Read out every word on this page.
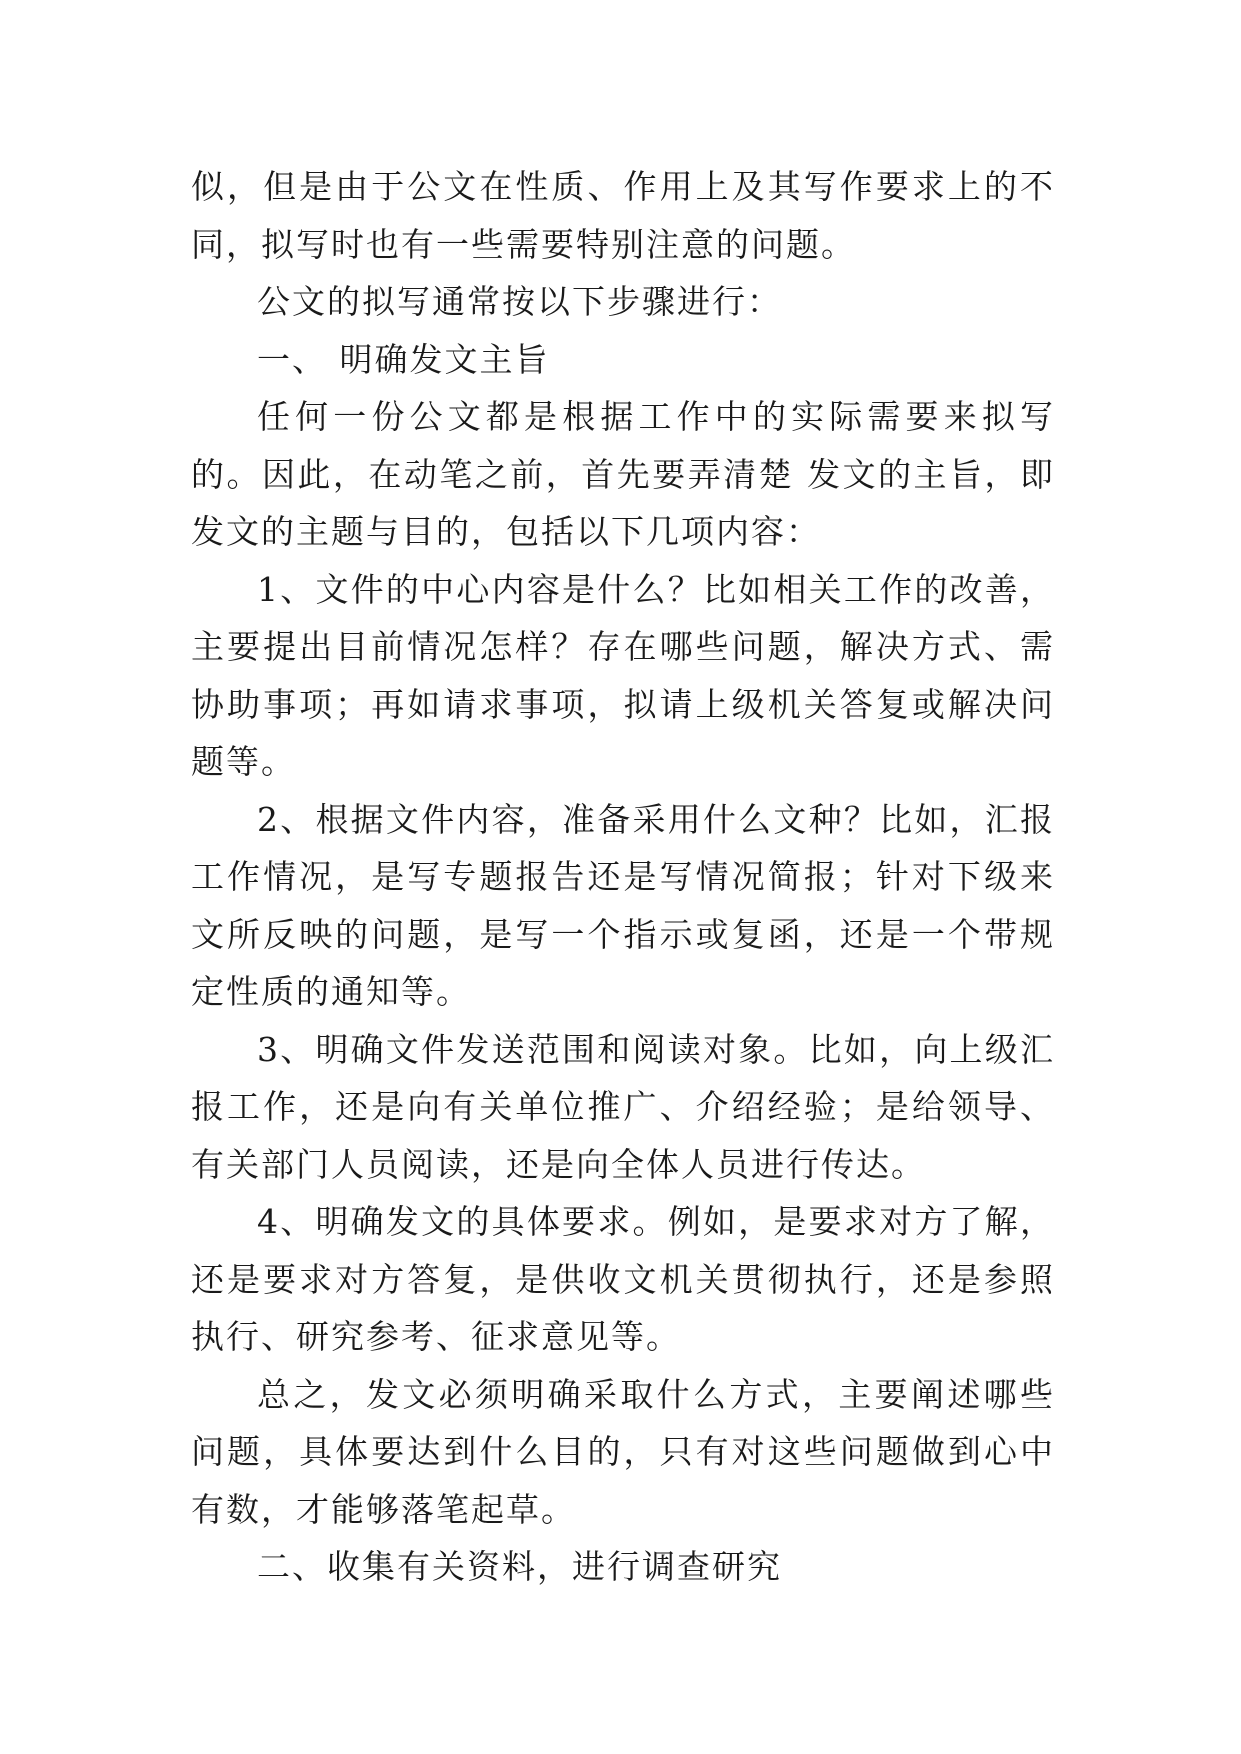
似，但是由于公文在性质、作用上及其写作要求上的不同，拟写时也有一些需要特别注意的问题。

公文的拟写通常按以下步骤进行：

一、 明确发文主旨

任何一份公文都是根据工作中的实际需要来拟写的。因此，在动笔之前，首先要弄清楚 发文的主旨，即发文的主题与目的，包括以下几项内容：

1、文件的中心内容是什么？比如相关工作的改善，主要提出目前情况怎样？存在哪些问题，解决方式、需协助事项；再如请求事项，拟请上级机关答复或解决问题等。

2、根据文件内容，准备采用什么文种？比如，汇报工作情况，是写专题报告还是写情况简报；针对下级来文所反映的问题，是写一个指示或复函，还是一个带规定性质的通知等。

3、明确文件发送范围和阅读对象。比如，向上级汇报工作，还是向有关单位推广、介绍经验；是给领导、有关部门人员阅读，还是向全体人员进行传达。

4、明确发文的具体要求。例如，是要求对方了解，还是要求对方答复，是供收文机关贯彻执行，还是参照执行、研究参考、征求意见等。

总之，发文必须明确采取什么方式，主要阐述哪些问题，具体要达到什么目的，只有对这些问题做到心中有数，才能够落笔起草。

二、收集有关资料，进行调查研究
